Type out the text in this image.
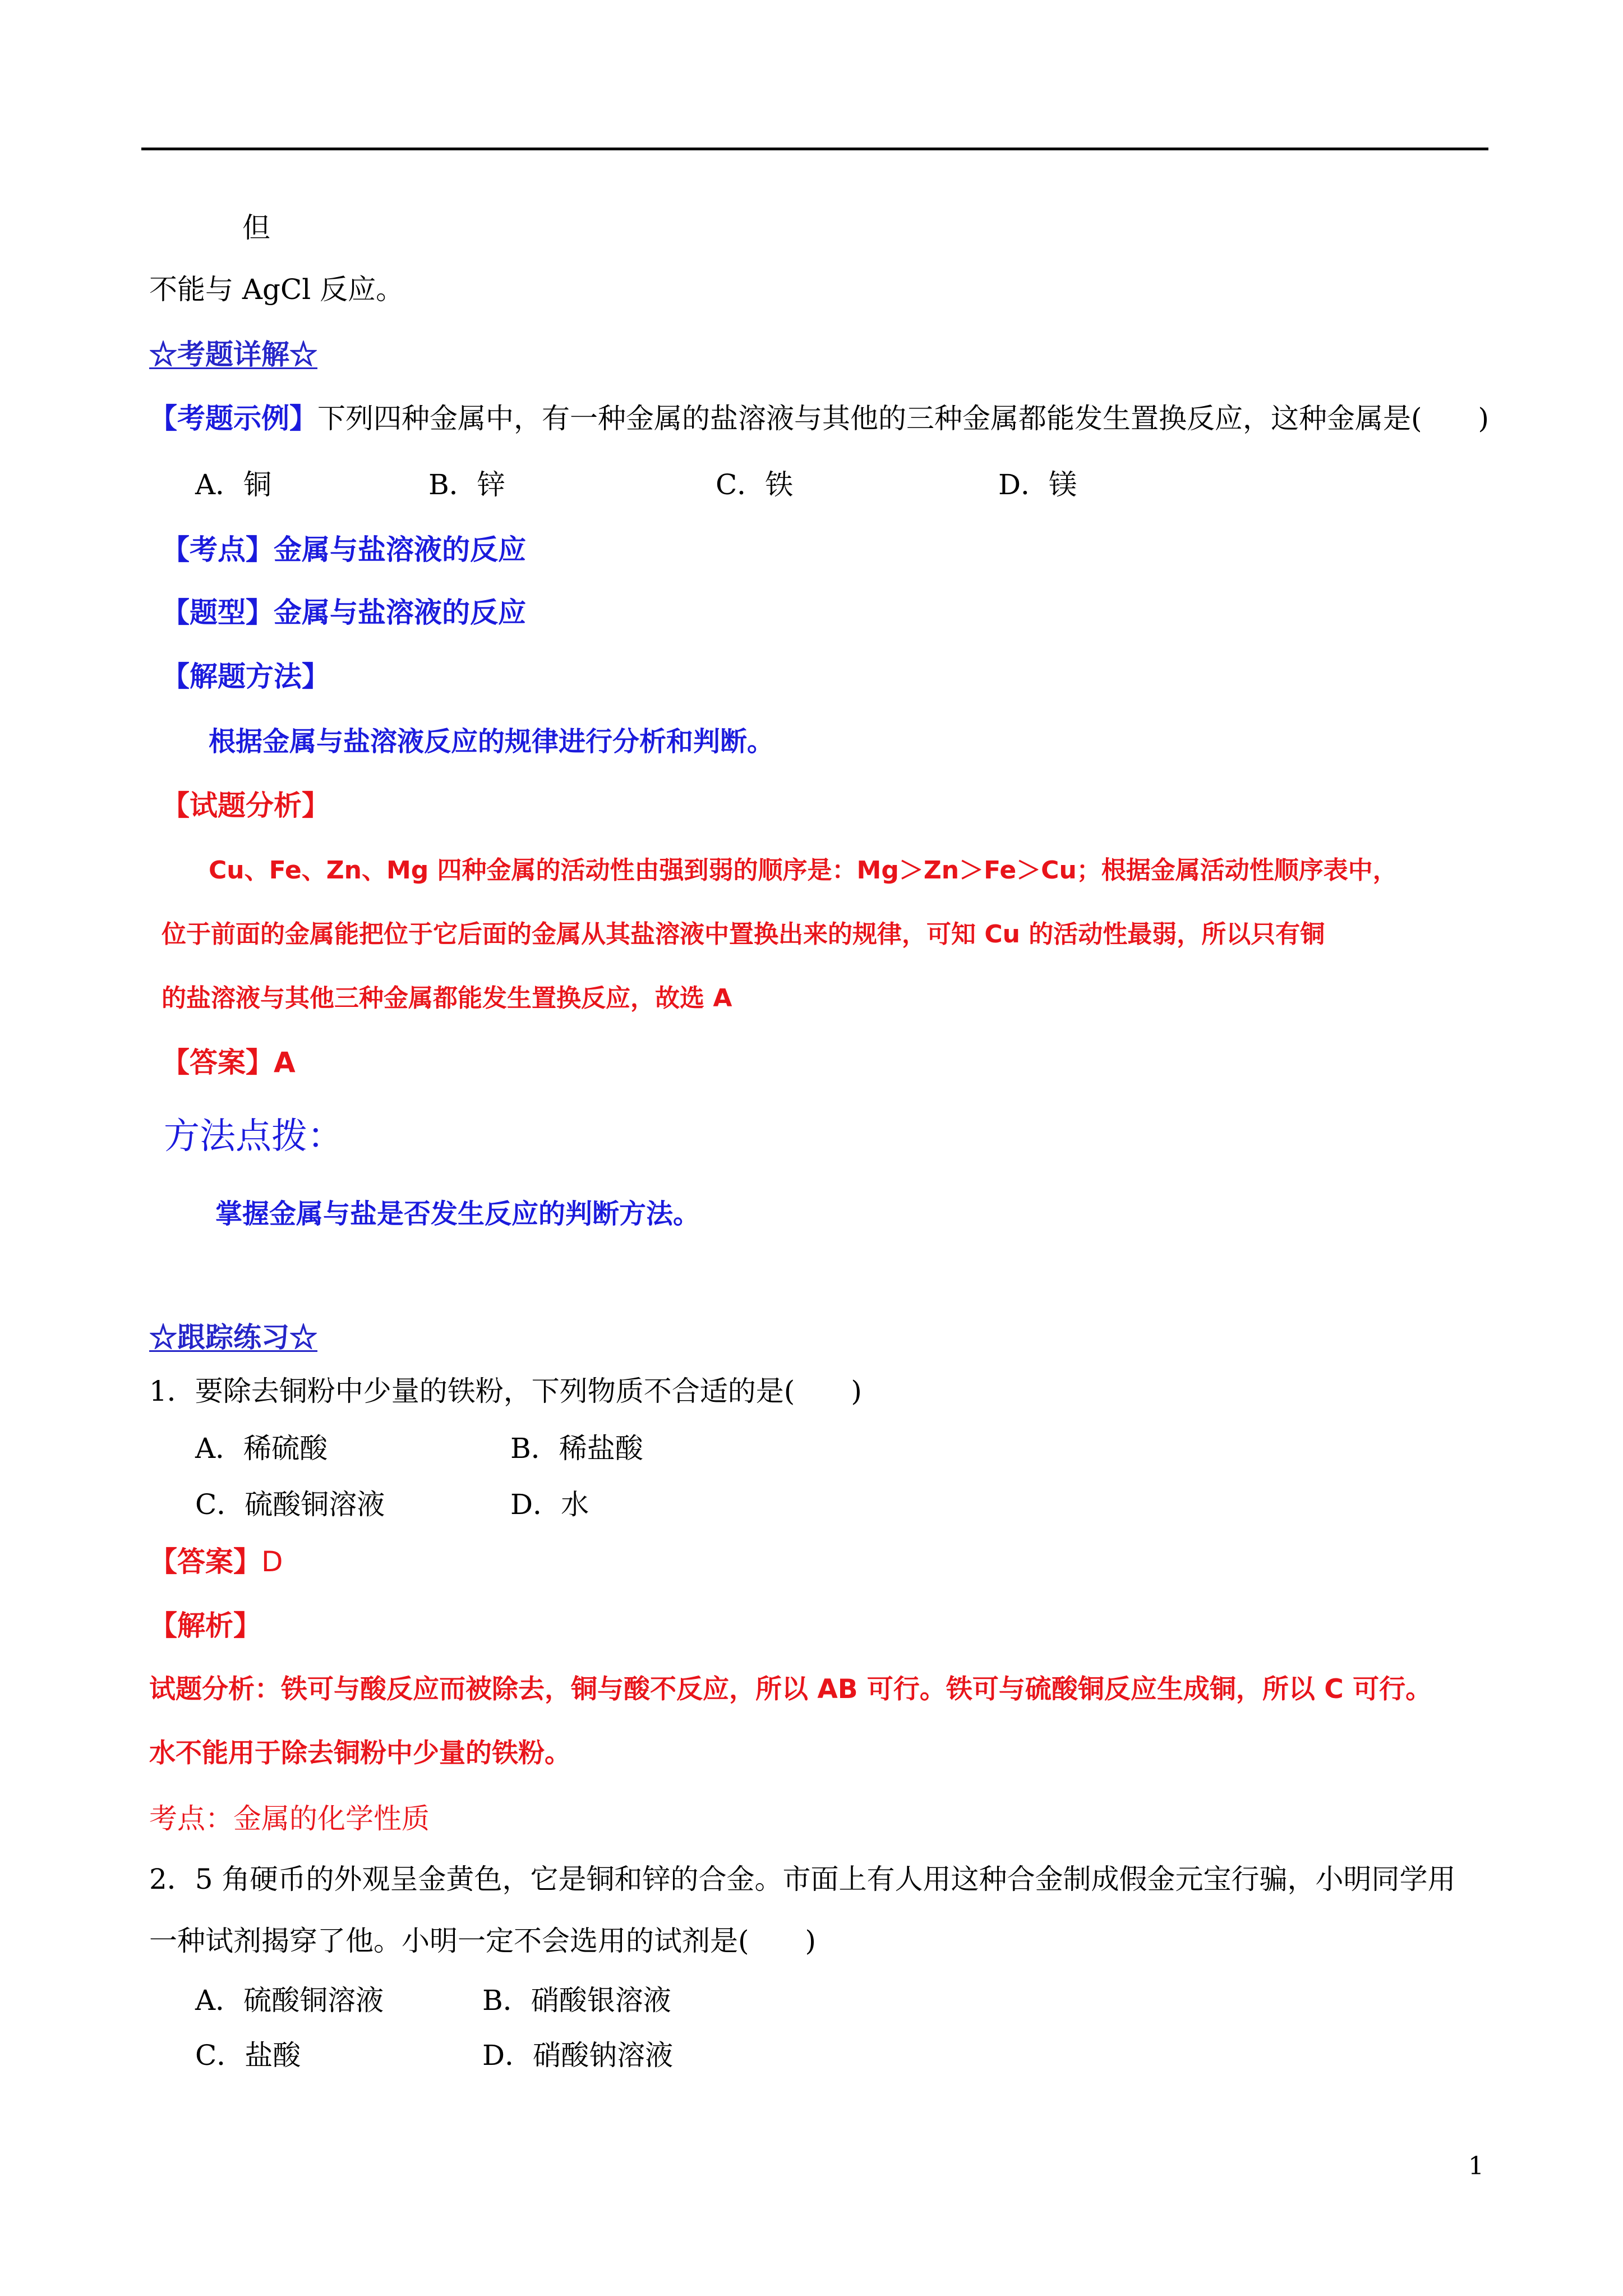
但
不能与 AgCl 反应。
☆考题详解☆
【考题示例】下列四种金属中，有一种金属的盐溶液与其他的三种金属都能发生置换反应，这种金属是(　　)
A．铜	B．锌	C．铁	D．镁
【考点】金属与盐溶液的反应
【题型】金属与盐溶液的反应
【解题方法】
根据金属与盐溶液反应的规律进行分析和判断。
【试题分析】
Cu、Fe、Zn、Mg 四种金属的活动性由强到弱的顺序是：Mg＞Zn＞Fe＞Cu；根据金属活动性顺序表中，
位于前面的金属能把位于它后面的金属从其盐溶液中置换出来的规律，可知 Cu 的活动性最弱，所以只有铜
的盐溶液与其他三种金属都能发生置换反应，故选 A
【答案】A
方法点拨：
掌握金属与盐是否发生反应的判断方法。
☆跟踪练习☆
1．要除去铜粉中少量的铁粉，下列物质不合适的是(　　)
A．稀硫酸	B．稀盐酸
C．硫酸铜溶液	D．水
【答案】D
【解析】
试题分析：铁可与酸反应而被除去，铜与酸不反应，所以 AB 可行。铁可与硫酸铜反应生成铜，所以 C 可行。
水不能用于除去铜粉中少量的铁粉。
考点：金属的化学性质
2．5 角硬币的外观呈金黄色，它是铜和锌的合金。市面上有人用这种合金制成假金元宝行骗，小明同学用
一种试剂揭穿了他。小明一定不会选用的试剂是(　　)
A．硫酸铜溶液	B．硝酸银溶液
C．盐酸	D．硝酸钠溶液
1
